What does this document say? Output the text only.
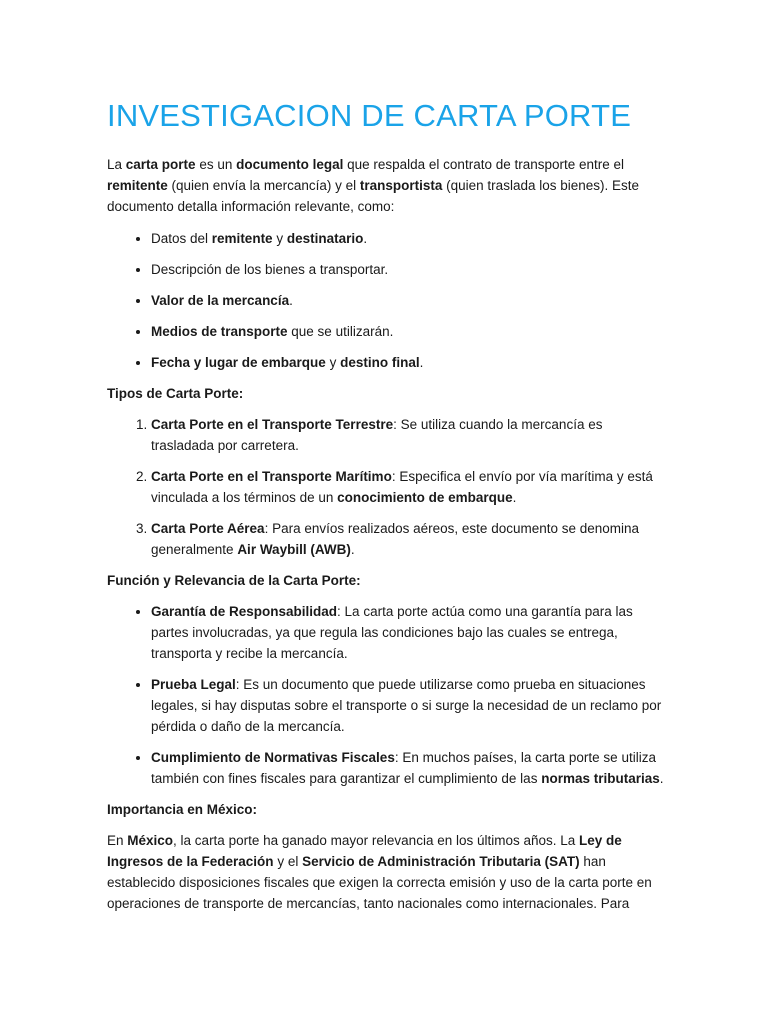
INVESTIGACION DE CARTA PORTE

La carta porte es un documento legal que respalda el contrato de transporte entre el remitente (quien envía la mercancía) y el transportista (quien traslada los bienes). Este documento detalla información relevante, como:

• Datos del remitente y destinatario.
• Descripción de los bienes a transportar.
• Valor de la mercancía.
• Medios de transporte que se utilizarán.
• Fecha y lugar de embarque y destino final.
Tipos de Carta Porte:
1. Carta Porte en el Transporte Terrestre: Se utiliza cuando la mercancía es trasladada por carretera.
2. Carta Porte en el Transporte Marítimo: Especifica el envío por vía marítima y está vinculada a los términos de un conocimiento de embarque.
3. Carta Porte Aérea: Para envíos realizados aéreos, este documento se denomina generalmente Air Waybill (AWB).
Función y Relevancia de la Carta Porte:
• Garantía de Responsabilidad: La carta porte actúa como una garantía para las partes involucradas, ya que regula las condiciones bajo las cuales se entrega, transporta y recibe la mercancía.
• Prueba Legal: Es un documento que puede utilizarse como prueba en situaciones legales, si hay disputas sobre el transporte o si surge la necesidad de un reclamo por pérdida o daño de la mercancía.
• Cumplimiento de Normativas Fiscales: En muchos países, la carta porte se utiliza también con fines fiscales para garantizar el cumplimiento de las normas tributarias.
Importancia en México:

En México, la carta porte ha ganado mayor relevancia en los últimos años. La Ley de Ingresos de la Federación y el Servicio de Administración Tributaria (SAT) han establecido disposiciones fiscales que exigen la correcta emisión y uso de la carta porte en operaciones de transporte de mercancías, tanto nacionales como internacionales. Para
